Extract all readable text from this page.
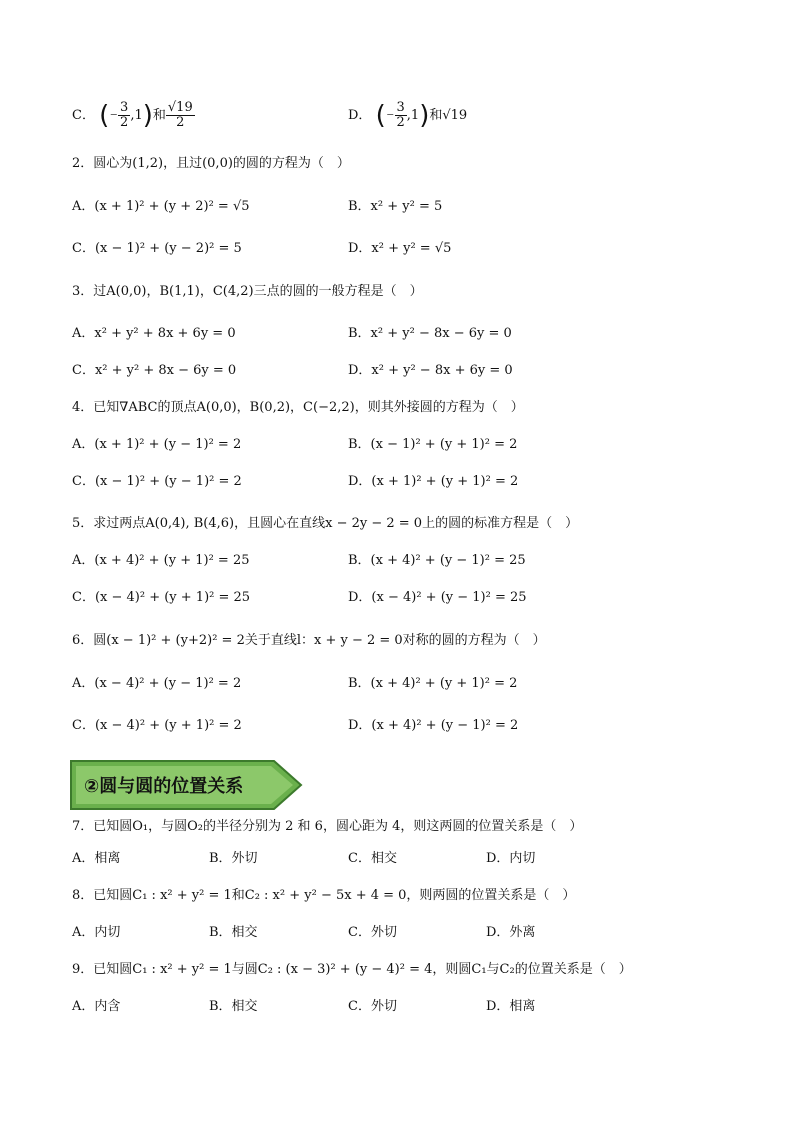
C． (− $\frac{3}{2} ,1$)和 $\frac{√19}{2}$	D． (− $\frac{3}{2} ,1$)和√19
2．圆心为(1,2)，且过(0,0)的圆的方程为（　）
A．(x + 1)² + (y + 2)² = √5	B．x² + y² = 5
C．(x − 1)² + (y − 2)² = 5	D．x² + y² = √5
3．过A(0,0)，B(1,1)，C(4,2)三点的圆的一般方程是（　）
A．x² + y² + 8x + 6y = 0	B．x² + y² − 8x − 6y = 0
C．x² + y² + 8x − 6y = 0	D．x² + y² − 8x + 6y = 0
4．已知∇ABC的顶点A(0,0)，B(0,2)，C(−2,2)，则其外接圆的方程为（　）
A．(x + 1)² + (y − 1)² = 2	B．(x − 1)² + (y + 1)² = 2
C．(x − 1)² + (y − 1)² = 2	D．(x + 1)² + (y + 1)² = 2
5．求过两点A(0,4), B(4,6)，且圆心在直线x − 2y − 2 = 0上的圆的标准方程是（　）
A．(x + 4)² + (y + 1)² = 25	B．(x + 4)² + (y − 1)² = 25
C．(x − 4)² + (y + 1)² = 25	D．(x − 4)² + (y − 1)² = 25
6．圆(x − 1)² + (y+2)² = 2关于直线l：x + y − 2 = 0对称的圆的方程为（　）
A．(x − 4)² + (y − 1)² = 2	B．(x + 4)² + (y + 1)² = 2
C．(x − 4)² + (y + 1)² = 2	D．(x + 4)² + (y − 1)² = 2
②圆与圆的位置关系
7．已知圆O₁，与圆O₂的半径分别为 2 和 6，圆心距为 4，则这两圆的位置关系是（　）
A．相离	B．外切	C．相交	D．内切
8．已知圆C₁ : x² + y² = 1和C₂ : x² + y² − 5x + 4 = 0，则两圆的位置关系是（　）
A．内切	B．相交	C．外切	D．外离
9．已知圆C₁ : x² + y² = 1与圆C₂ : (x − 3)² + (y − 4)² = 4，则圆C₁与C₂的位置关系是（　）
A．内含	B．相交	C．外切	D．相离
